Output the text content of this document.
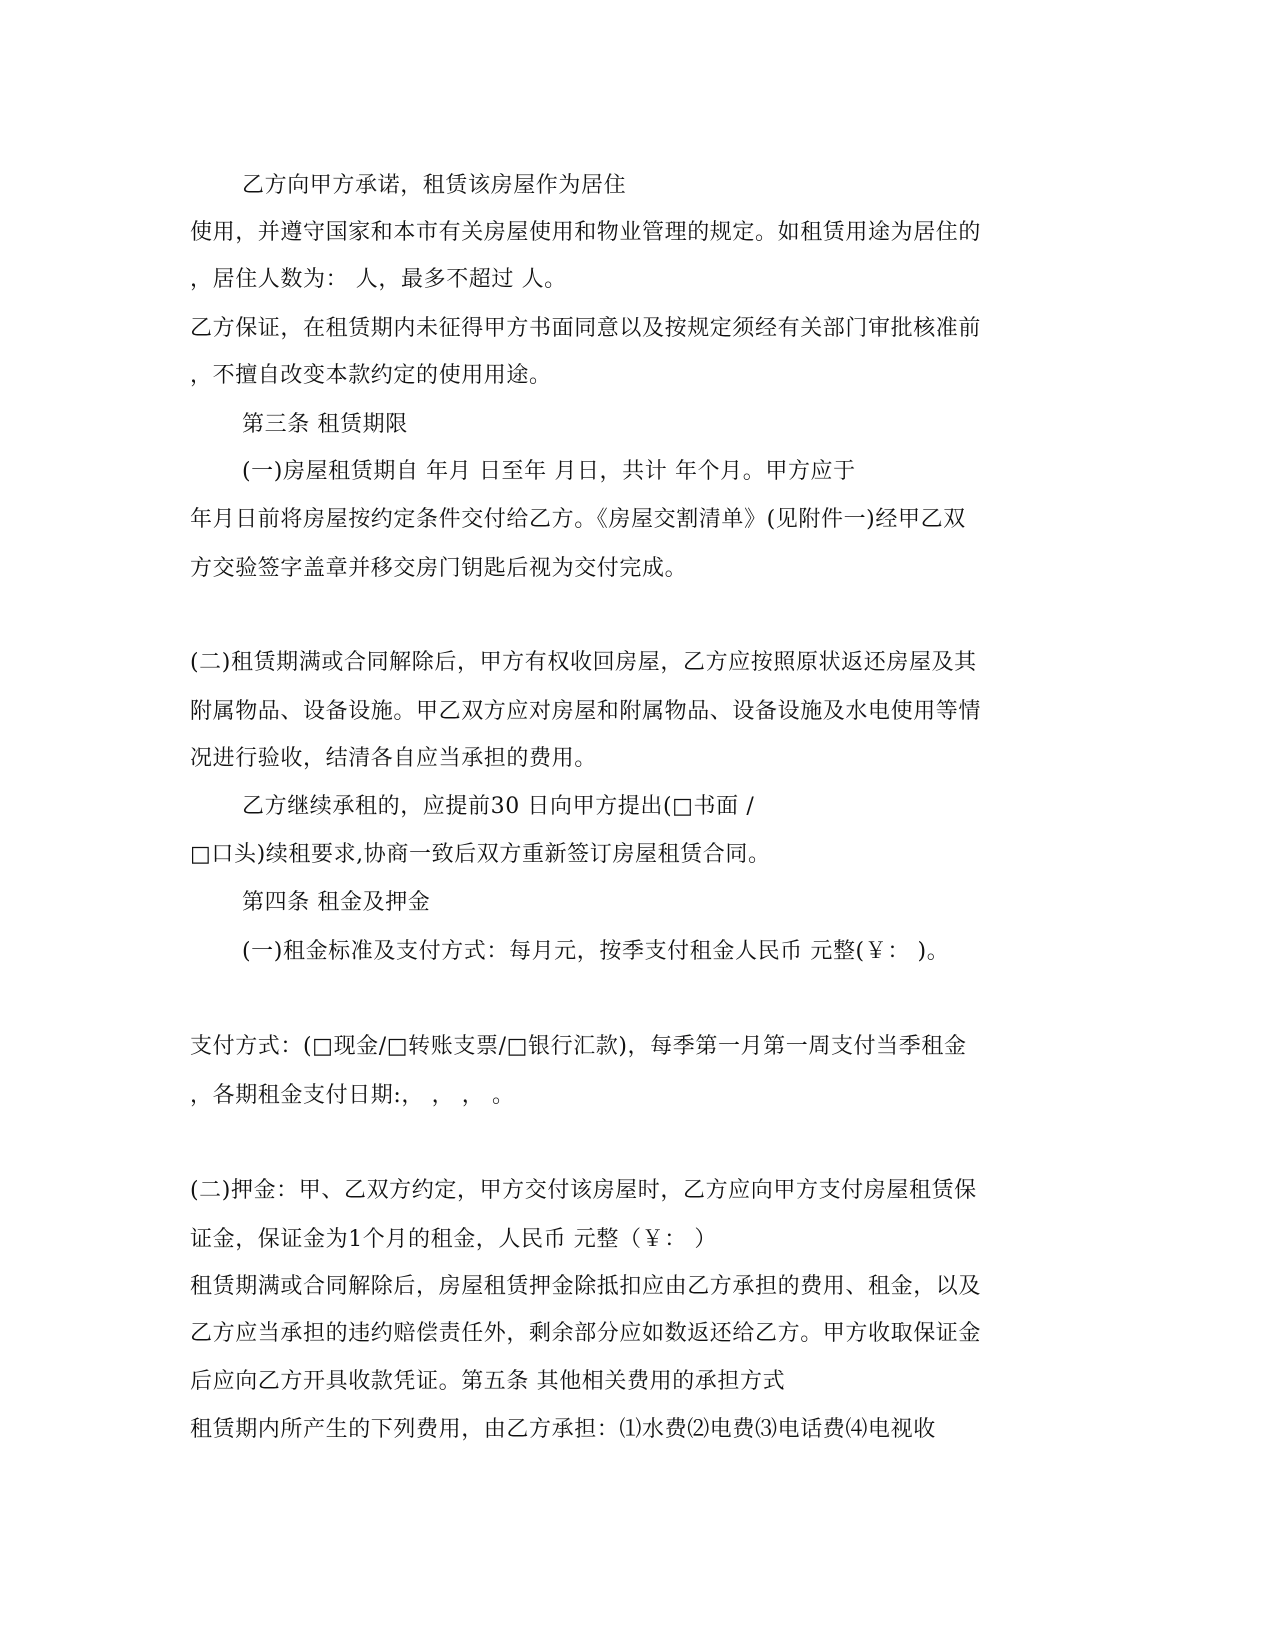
乙方向甲方承诺，租赁该房屋作为居住
使用，并遵守国家和本市有关房屋使用和物业管理的规定。如租赁用途为居住的
，居住人数为： 人，最多不超过 人。
乙方保证，在租赁期内未征得甲方书面同意以及按规定须经有关部门审批核准前
，不擅自改变本款约定的使用用途。
第三条 租赁期限
(一)房屋租赁期自 年月 日至年 月日，共计 年个月。甲方应于
年月日前将房屋按约定条件交付给乙方。《房屋交割清单》(见附件一)经甲乙双
方交验签字盖章并移交房门钥匙后视为交付完成。
(二)租赁期满或合同解除后，甲方有权收回房屋，乙方应按照原状返还房屋及其
附属物品、设备设施。甲乙双方应对房屋和附属物品、设备设施及水电使用等情
况进行验收，结清各自应当承担的费用。
乙方继续承租的，应提前30 日向甲方提出(□书面 /
□口头)续租要求,协商一致后双方重新签订房屋租赁合同。
第四条 租金及押金
(一)租金标准及支付方式：每月元，按季支付租金人民币 元整(￥： )。
支付方式：(□现金/□转账支票/□银行汇款)，每季第一月第一周支付当季租金
，各期租金支付日期:， ， ， 。
(二)押金：甲、乙双方约定，甲方交付该房屋时，乙方应向甲方支付房屋租赁保
证金，保证金为1个月的租金，人民币 元整（￥： ）
租赁期满或合同解除后，房屋租赁押金除抵扣应由乙方承担的费用、租金，以及
乙方应当承担的违约赔偿责任外，剩余部分应如数返还给乙方。甲方收取保证金
后应向乙方开具收款凭证。第五条 其他相关费用的承担方式
租赁期内所产生的下列费用，由乙方承担：⑴水费⑵电费⑶电话费⑷电视收
